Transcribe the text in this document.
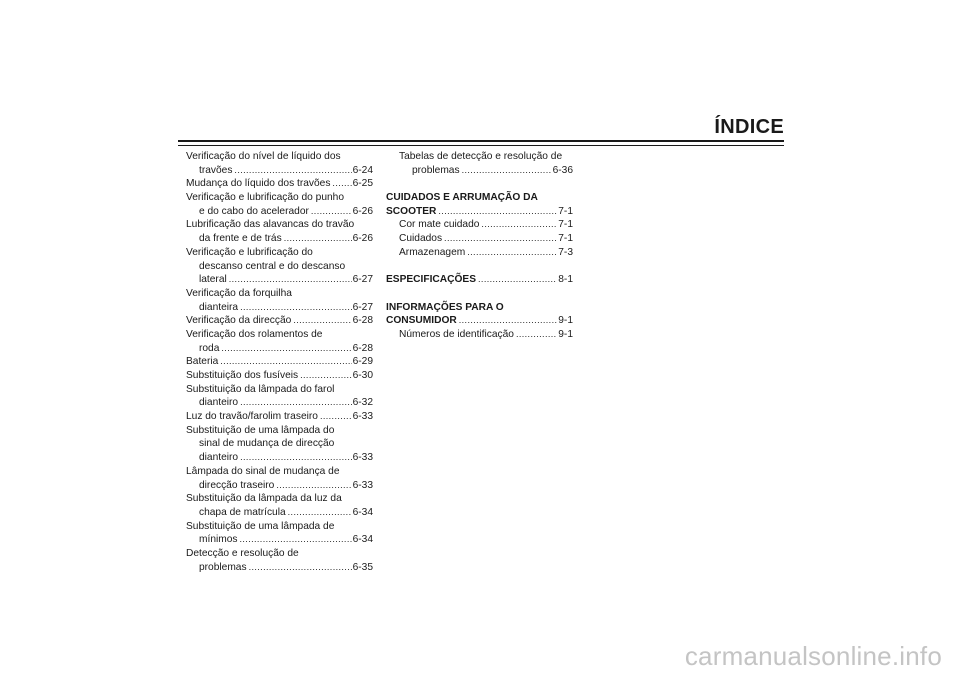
ÍNDICE
Verificação do nível de líquido dos
travões .....	6-24
Mudança do líquido dos travões ..... 6-25
Verificação e lubrificação do punho
e do cabo do acelerador .....	6-26
Lubrificação das alavancas do travão
da frente e de trás .....	6-26
Verificação e lubrificação do
descanso central e do descanso
lateral .....	6-27
Verificação da forquilha
dianteira .....	6-27
Verificação da direcção .....	6-28
Verificação dos rolamentos de
roda .....	6-28
Bateria .....	6-29
Substituição dos fusíveis .....	6-30
Substituição da lâmpada do farol
dianteiro .....	6-32
Luz do travão/farolim traseiro .....	6-33
Substituição de uma lâmpada do
sinal de mudança de direcção
dianteiro .....	6-33
Lâmpada do sinal de mudança de
direcção traseiro .....	6-33
Substituição da lâmpada da luz da
chapa de matrícula .....	6-34
Substituição de uma lâmpada de
mínimos .....	6-34
Detecção e resolução de
problemas .....	6-35
Tabelas de detecção e resolução de
problemas .....	6-36
CUIDADOS E ARRUMAÇÃO DA
SCOOTER .....	7-1
Cor mate cuidado .....	7-1
Cuidados .....	7-1
Armazenagem .....	7-3
ESPECIFICAÇÕES .....	8-1
INFORMAÇÕES PARA O
CONSUMIDOR .....	9-1
Números de identificação .....	9-1
carmanualsonline.info
